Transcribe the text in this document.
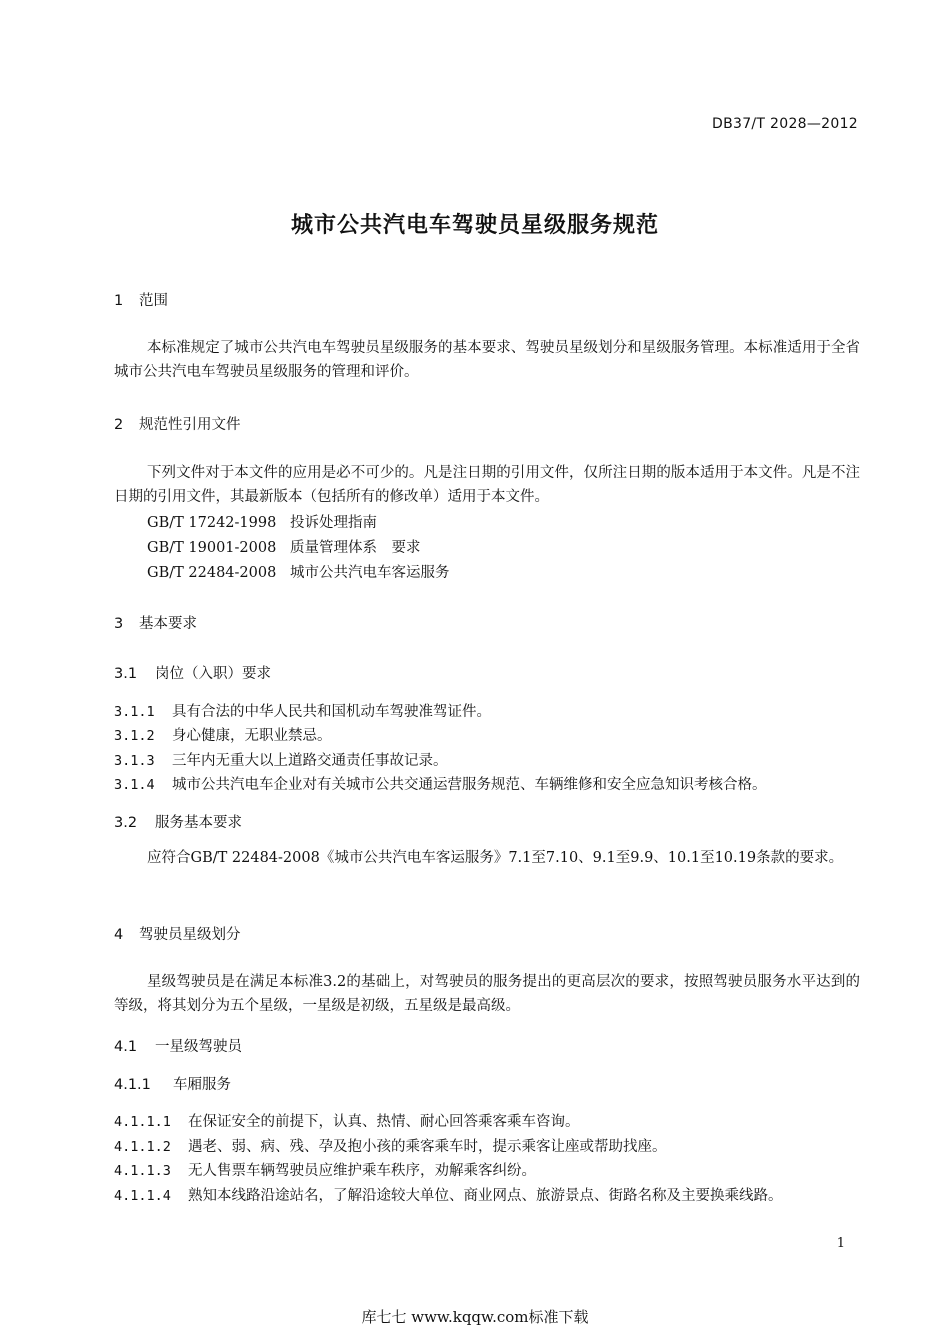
DB37/T 2028—2012
城市公共汽电车驾驶员星级服务规范
1 范围
本标准规定了城市公共汽电车驾驶员星级服务的基本要求、驾驶员星级划分和星级服务管理。本标准适用于全省城市公共汽电车驾驶员星级服务的管理和评价。
2 规范性引用文件
下列文件对于本文件的应用是必不可少的。凡是注日期的引用文件，仅所注日期的版本适用于本文件。凡是不注日期的引用文件，其最新版本（包括所有的修改单）适用于本文件。
GB/T 17242-1998 投诉处理指南
GB/T 19001-2008 质量管理体系　要求
GB/T 22484-2008 城市公共汽电车客运服务
3 基本要求
3.1 岗位（入职）要求
3.1.1 具有合法的中华人民共和国机动车驾驶准驾证件。
3.1.2 身心健康，无职业禁忌。
3.1.3 三年内无重大以上道路交通责任事故记录。
3.1.4 城市公共汽电车企业对有关城市公共交通运营服务规范、车辆维修和安全应急知识考核合格。
3.2 服务基本要求
应符合GB/T 22484-2008《城市公共汽电车客运服务》7.1至7.10、9.1至9.9、10.1至10.19条款的要求。
4 驾驶员星级划分
星级驾驶员是在满足本标准3.2的基础上，对驾驶员的服务提出的更高层次的要求，按照驾驶员服务水平达到的等级，将其划分为五个星级，一星级是初级，五星级是最高级。
4.1 一星级驾驶员
4.1.1 车厢服务
4.1.1.1 在保证安全的前提下，认真、热情、耐心回答乘客乘车咨询。
4.1.1.2 遇老、弱、病、残、孕及抱小孩的乘客乘车时，提示乘客让座或帮助找座。
4.1.1.3 无人售票车辆驾驶员应维护乘车秩序，劝解乘客纠纷。
4.1.1.4 熟知本线路沿途站名，了解沿途较大单位、商业网点、旅游景点、街路名称及主要换乘线路。
1
库七七 www.kqqw.com标准下载
